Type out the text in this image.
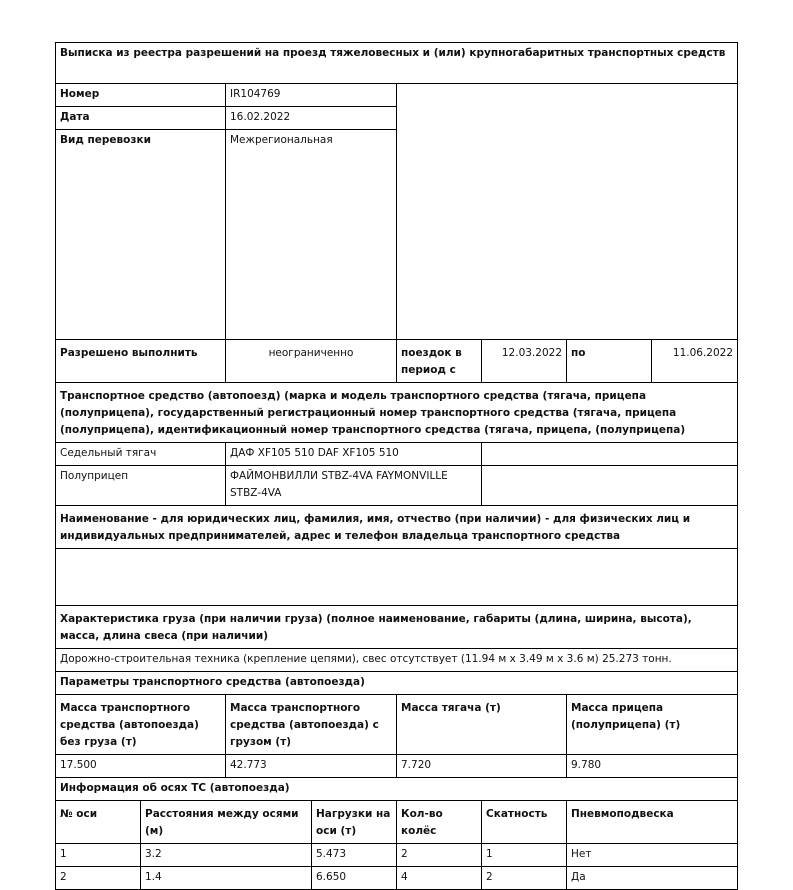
Выписка из реестра разрешений на проезд тяжеловесных и (или) крупногабаритных транспортных средств							
Номер		IR104769					
Дата		16.02.2022					
Вид перевозки		Межрегиональная					
Разрешено выполнить		неограниченно		поездок в период с	12.03.2022	по	11.06.2022
Транспортное средство (автопоезд) (марка и модель транспортного средства (тягача, прицепа (полуприцепа), государственный регистрационный номер транспортного средства (тягача, прицепа (полуприцепа), идентификационный номер транспортного средства (тягача, прицепа, (полуприцепа)							
Седельный тягач		ДАФ XF105 510 DAF XF105 510					
Полуприцеп		ФАЙМОНВИЛЛИ STBZ-4VA FAYMONVILLE STBZ-4VA					
Наименование - для юридических лиц, фамилия, имя, отчество (при наличии) - для физических лиц и индивидуальных предпринимателей, адрес и телефон владельца транспортного средства							

Характеристика груза (при наличии груза) (полное наименование, габариты (длина, ширина, высота), масса, длина свеса (при наличии)							
Дорожно-строительная техника (крепление цепями), свес отсутствует (11.94 м x 3.49 м x 3.6 м) 25.273 тонн.							
Параметры транспортного средства (автопоезда)							
Масса транспортного средства (автопоезда) без груза (т)		Масса транспортного средства (автопоезда) с грузом (т)		Масса тягача (т)		Масса прицепа (полуприцепа) (т)	
17.500		42.773		7.720		9.780	
Информация об осях ТС (автопоезда)							
№ оси	Расстояния между осями (м)		Нагрузки на оси (т)	Кол-во колёс	Скатность	Пневмоподвеска	
1	3.2		5.473	2	1	Нет	
2	1.4		6.650	4	2	Да	
